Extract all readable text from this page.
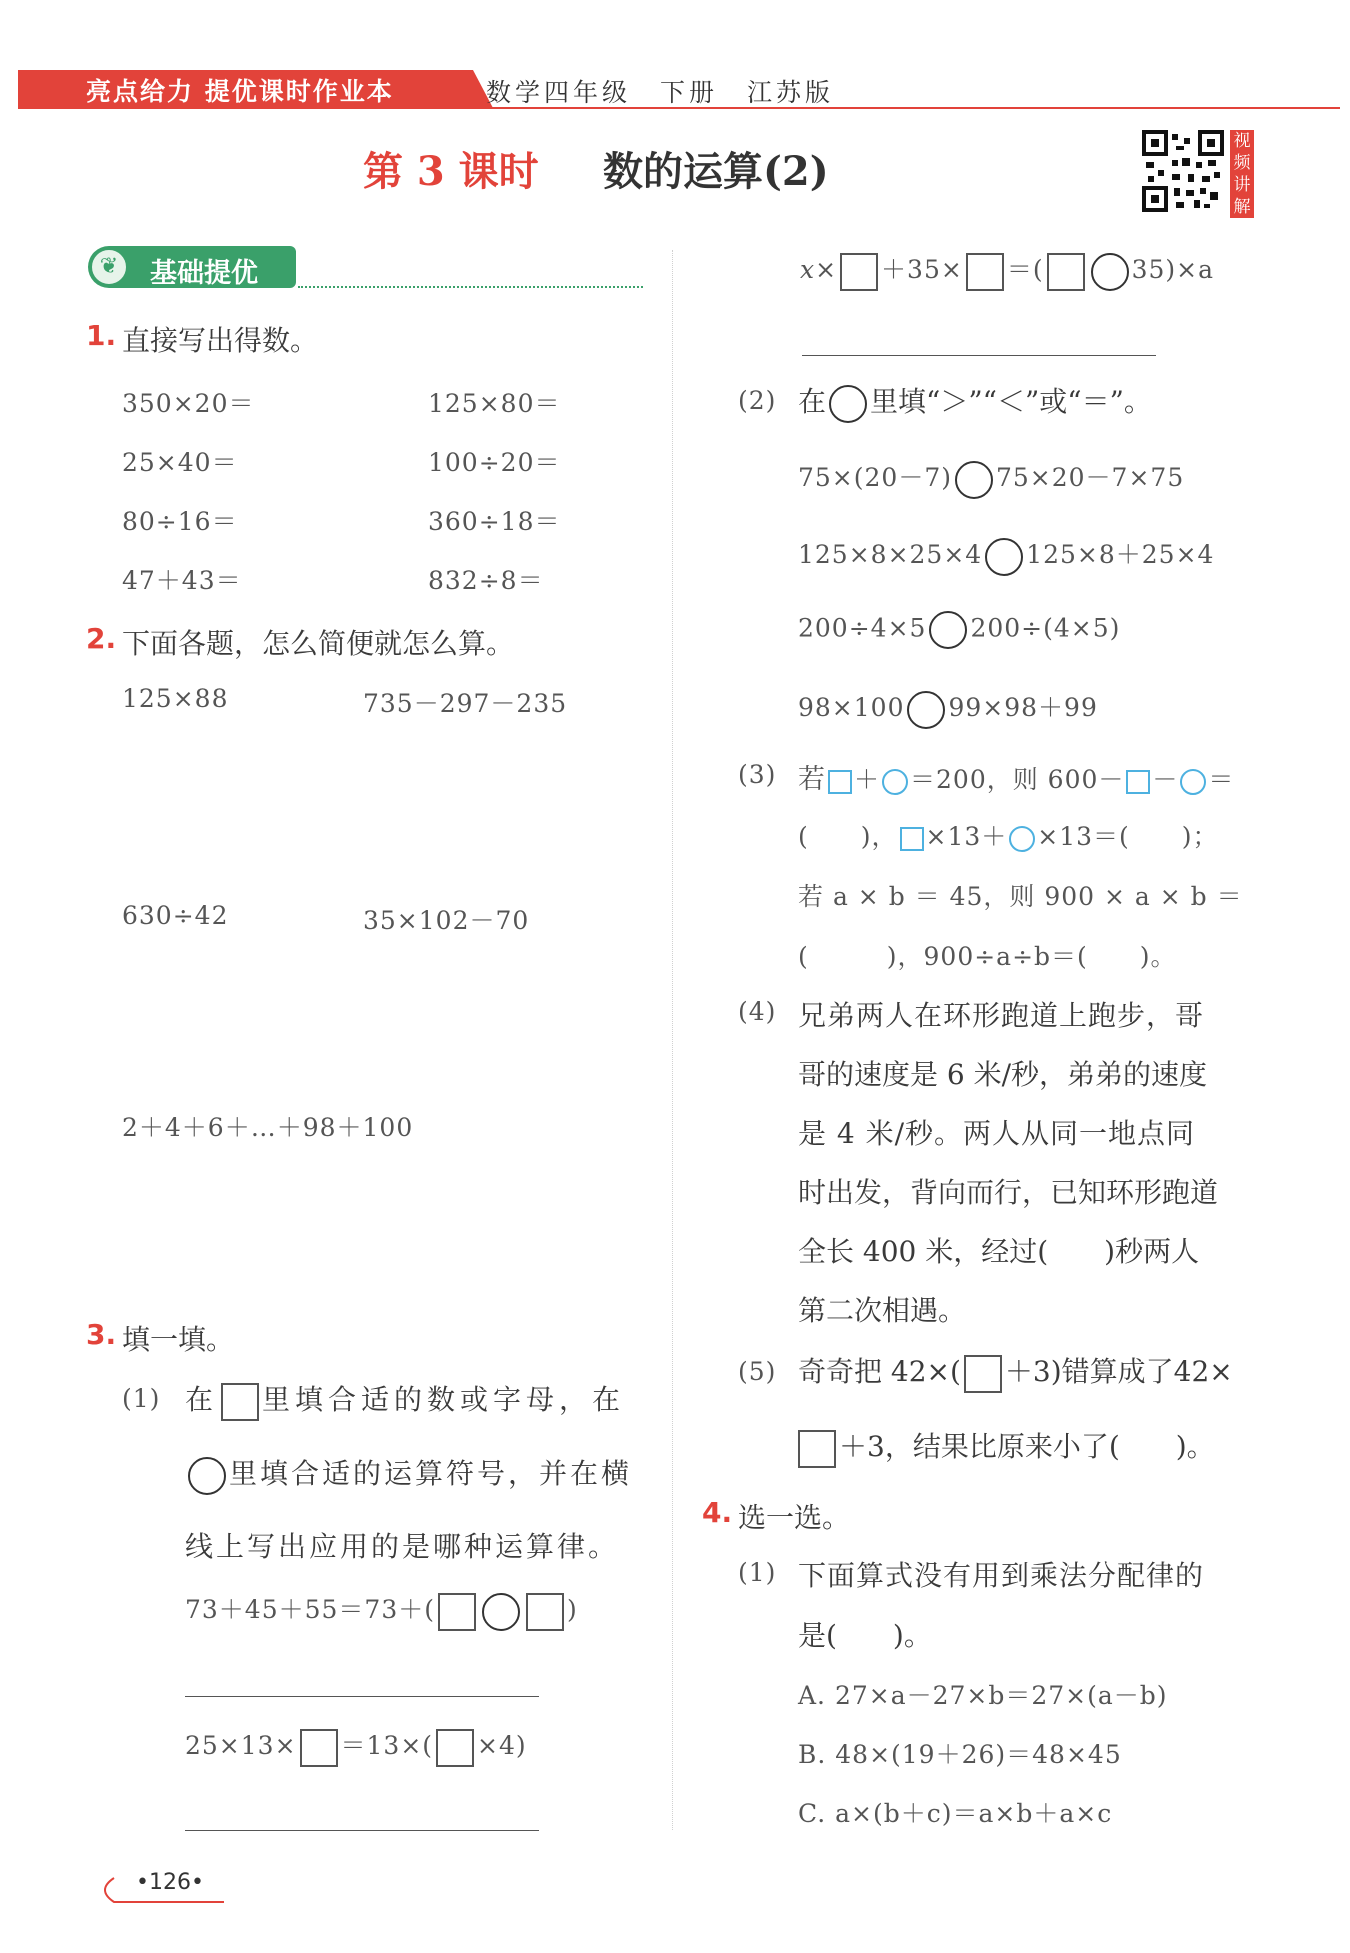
亮点给力 提优课时作业本	数学四年级　下册　江苏版
第 3 课时 数的运算(2)
视
频
讲
解
❦	基础提优
1. 直接写出得数。
350×20＝	125×80＝
25×40＝	100÷20＝
80÷16＝	360÷18＝
47＋43＝	832÷8＝
2. 下面各题，怎么简便就怎么算。
125×88	735－297－235
630÷42	35×102－70
2＋4＋6＋…＋98＋100
3. 填一填。
(1) 在 里填合适的数或字母，在
里填合适的运算符号，并在横
线上写出应用的是哪种运算律。
73＋45＋55＝73＋(	)
25×13× ＝13×( ×4)
x× ＋35× ＝(	35)×a
(2) 在 里填“＞”“＜”或“＝”。
75×(20－7) 75×20－7×75
125×8×25×4 125×8＋25×4
200÷4×5 200÷(4×5)
98×100 99×98＋99
(3) 若 ＋ ＝200，则 600－ － ＝
(　　)， ×13＋ ×13＝(　　)；
若 a × b ＝ 45，则 900 × a × b ＝
(　　　)，900÷a÷b＝(　　)。
(4) 兄弟两人在环形跑道上跑步，哥
哥的速度是 6 米/秒，弟弟的速度
是 4 米/秒。两人从同一地点同
时出发，背向而行，已知环形跑道
全长 400 米，经过(　　)秒两人
第二次相遇。
(5) 奇奇把 42×( ＋3)错算成了42×
＋3，结果比原来小了(　　)。
4. 选一选。
(1) 下面算式没有用到乘法分配律的
是(　　)。
A. 27×a－27×b＝27×(a－b)
B. 48×(19＋26)＝48×45
C. a×(b＋c)＝a×b＋a×c
•126•
